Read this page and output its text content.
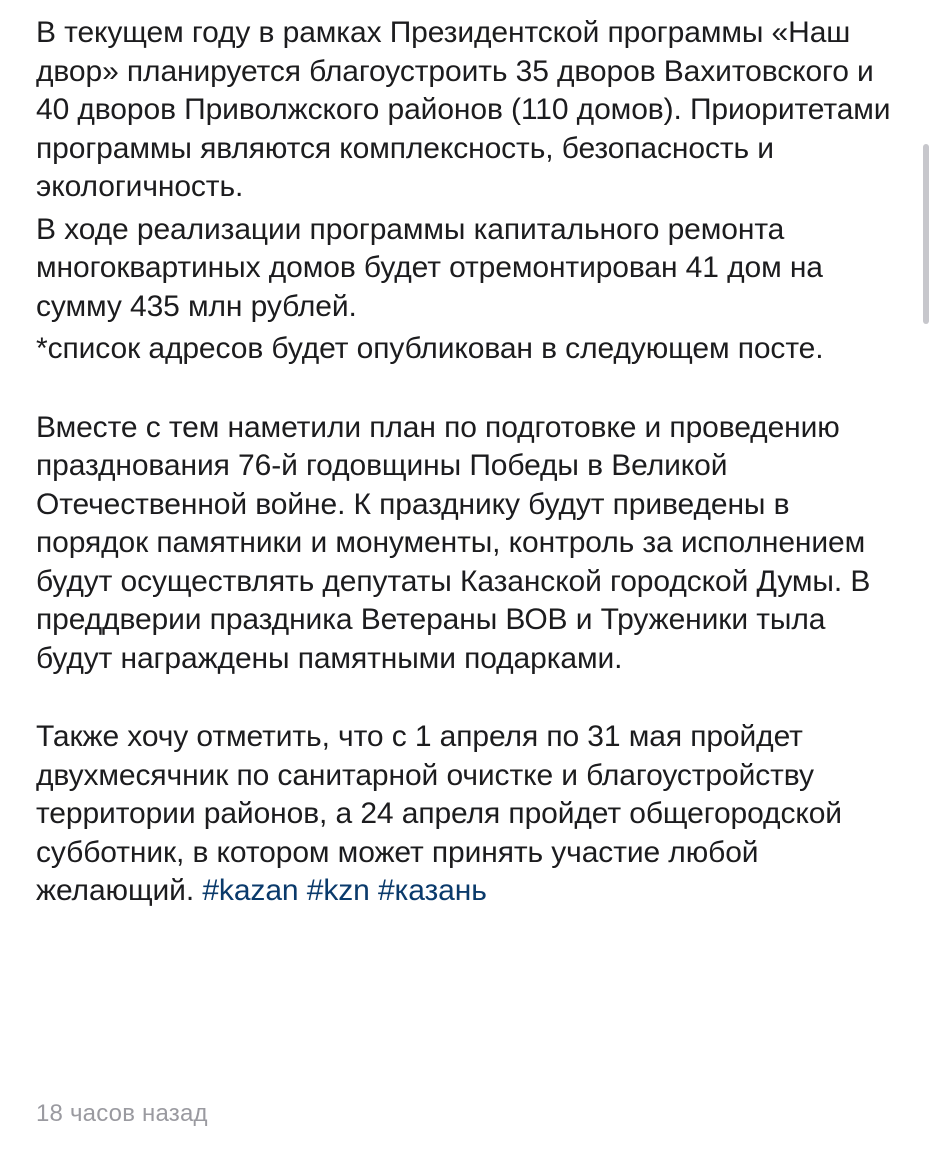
В текущем году в рамках Президентской программы «Наш двор» планируется благоустроить 35 дворов Вахитовского и 40 дворов Приволжского районов (110 домов). Приоритетами программы являются комплексность, безопасность и экологичность.

В ходе реализации программы капитального ремонта многоквартиных домов будет отремонтирован 41 дом на сумму 435 млн рублей.

*список адресов будет опубликован в следующем посте.

Вместе с тем наметили план по подготовке и проведению празднования 76-й годовщины Победы в Великой Отечественной войне. К празднику будут приведены в порядок памятники и монументы, контроль за исполнением будут осуществлять депутаты Казанской городской Думы. В преддверии праздника Ветераны ВОВ и Труженики тыла будут награждены памятными подарками.

Также хочу отметить, что с 1 апреля по 31 мая пройдет двухмесячник по санитарной очистке и благоустройству территории районов, а 24 апреля пройдет общегородской субботник, в котором может принять участие любой желающий. #kazan #kzn #казань

18 часов назад
